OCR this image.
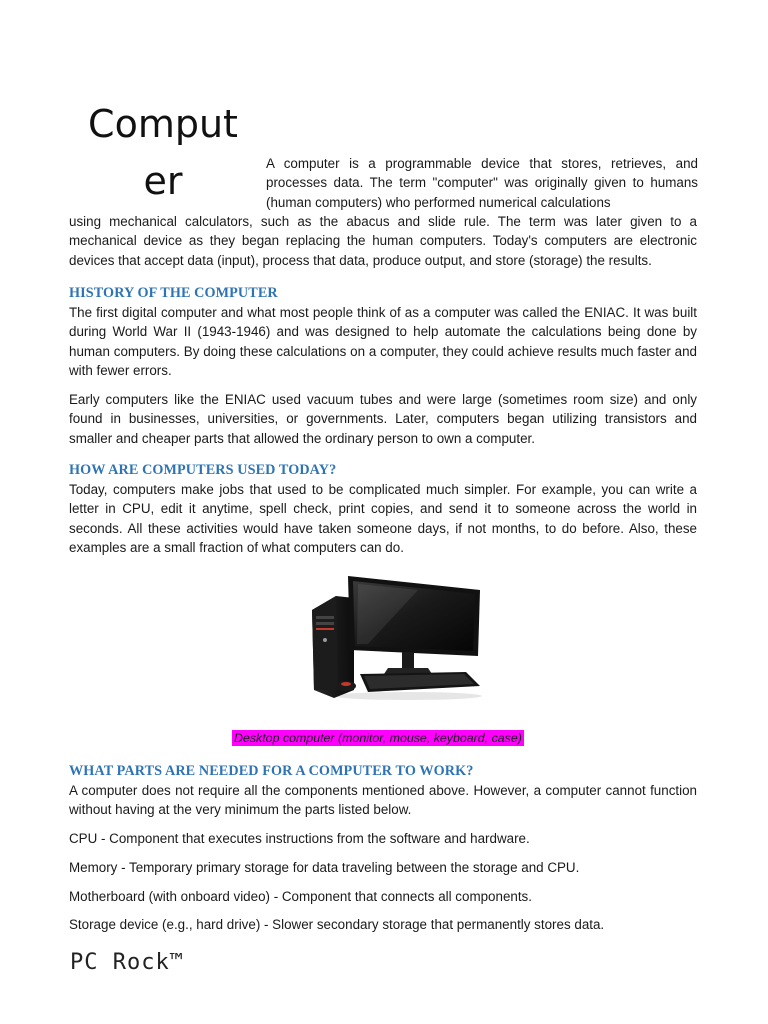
Comput
er	A computer is a programmable device that stores, retrieves, and processes data. The term "computer" was originally given to humans (human computers) who performed numerical calculations

using mechanical calculators, such as the abacus and slide rule. The term was later given to a mechanical device as they began replacing the human computers. Today's computers are electronic devices that accept data (input), process that data, produce output, and store (storage) the results.

HISTORY OF THE COMPUTER

The first digital computer and what most people think of as a computer was called the ENIAC. It was built during World War II (1943-1946) and was designed to help automate the calculations being done by human computers. By doing these calculations on a computer, they could achieve results much faster and with fewer errors.

Early computers like the ENIAC used vacuum tubes and were large (sometimes room size) and only found in businesses, universities, or governments. Later, computers began utilizing transistors and smaller and cheaper parts that allowed the ordinary person to own a computer.

HOW ARE COMPUTERS USED TODAY?

Today, computers make jobs that used to be complicated much simpler. For example, you can write a letter in CPU, edit it anytime, spell check, print copies, and send it to someone across the world in seconds. All these activities would have taken someone days, if not months, to do before. Also, these examples are a small fraction of what computers can do.

Desktop computer (monitor, mouse, keyboard, case)
WHAT PARTS ARE NEEDED FOR A COMPUTER TO WORK?

A computer does not require all the components mentioned above. However, a computer cannot function without having at the very minimum the parts listed below.

CPU - Component that executes instructions from the software and hardware.

Memory - Temporary primary storage for data traveling between the storage and CPU.

Motherboard (with onboard video) - Component that connects all components.

Storage device (e.g., hard drive) - Slower secondary storage that permanently stores data.

PC Rock™
